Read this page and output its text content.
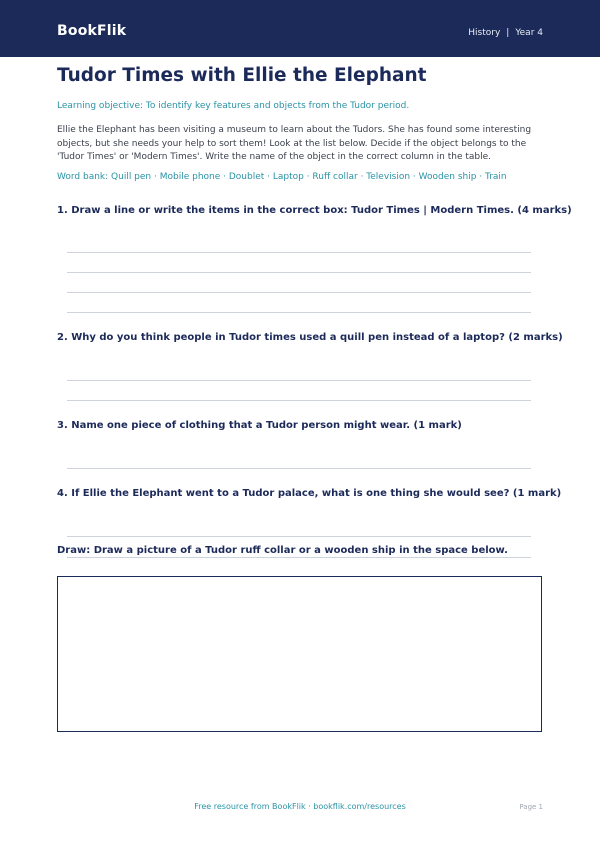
BookFlik	History | Year 4
Tudor Times with Ellie the Elephant
Learning objective: To identify key features and objects from the Tudor period.
Ellie the Elephant has been visiting a museum to learn about the Tudors. She has found some interesting
objects, but she needs your help to sort them! Look at the list below. Decide if the object belongs to the
'Tudor Times' or 'Modern Times'. Write the name of the object in the correct column in the table.
Word bank: Quill pen · Mobile phone · Doublet · Laptop · Ruff collar · Television · Wooden ship · Train
1. Draw a line or write the items in the correct box: Tudor Times | Modern Times. (4 marks)
2. Why do you think people in Tudor times used a quill pen instead of a laptop? (2 marks)
3. Name one piece of clothing that a Tudor person might wear. (1 mark)
4. If Ellie the Elephant went to a Tudor palace, what is one thing she would see? (1 mark)
Draw: Draw a picture of a Tudor ruff collar or a wooden ship in the space below.
Free resource from BookFlik · bookflik.com/resources	Page 1
